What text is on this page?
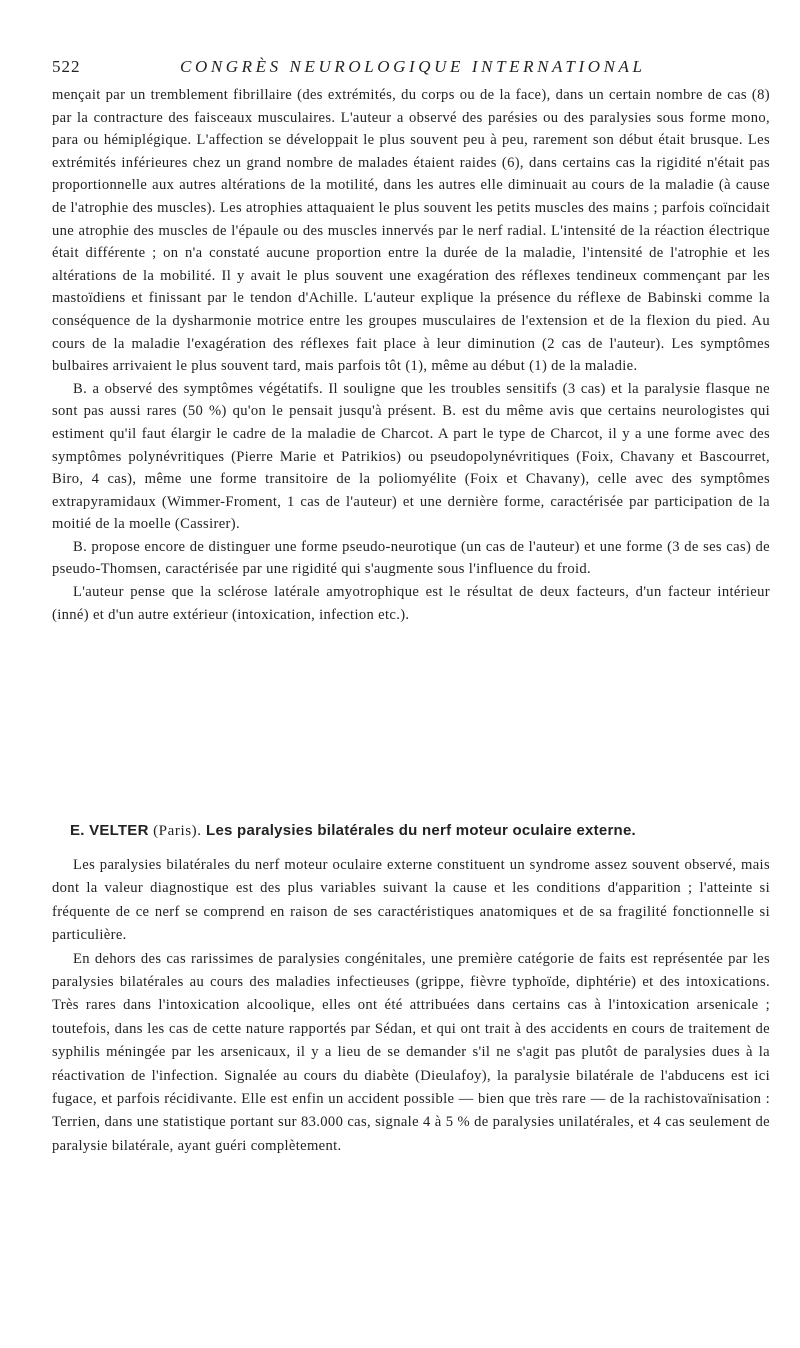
522	CONGRÈS NEUROLOGIQUE INTERNATIONAL

mençait par un tremblement fibrillaire (des extrémités, du corps ou de la face), dans un certain nombre de cas (8) par la contracture des faisceaux musculaires. L'auteur a observé des parésies ou des paralysies sous forme mono, para ou hémiplégique. L'affection se développait le plus souvent peu à peu, rarement son début était brusque. Les extrémités inférieures chez un grand nombre de malades étaient raides (6), dans certains cas la rigidité n'était pas proportionnelle aux autres altérations de la motilité, dans les autres elle diminuait au cours de la maladie (à cause de l'atrophie des muscles). Les atrophies attaquaient le plus souvent les petits muscles des mains ; parfois coïncidait une atrophie des muscles de l'épaule ou des muscles innervés par le nerf radial. L'intensité de la réaction électrique était différente ; on n'a constaté aucune proportion entre la durée de la maladie, l'intensité de l'atrophie et les altérations de la mobilité. Il y avait le plus souvent une exagération des réflexes tendineux commençant par les mastoïdiens et finissant par le tendon d'Achille. L'auteur explique la présence du réflexe de Babinski comme la conséquence de la dysharmonie motrice entre les groupes musculaires de l'extension et de la flexion du pied. Au cours de la maladie l'exagération des réflexes fait place à leur diminution (2 cas de l'auteur). Les symptômes bulbaires arrivaient le plus souvent tard, mais parfois tôt (1), même au début (1) de la maladie.

B. a observé des symptômes végétatifs. Il souligne que les troubles sensitifs (3 cas) et la paralysie flasque ne sont pas aussi rares (50 %) qu'on le pensait jusqu'à présent. B. est du même avis que certains neurologistes qui estiment qu'il faut élargir le cadre de la maladie de Charcot. A part le type de Charcot, il y a une forme avec des symptômes polynévritiques (Pierre Marie et Patrikios) ou pseudopolynévritiques (Foix, Chavany et Bascourret, Biro, 4 cas), même une forme transitoire de la poliomyélite (Foix et Chavany), celle avec des symptômes extrapyramidaux (Wimmer-Froment, 1 cas de l'auteur) et une dernière forme, caractérisée par participation de la moitié de la moelle (Cassirer).

B. propose encore de distinguer une forme pseudo-neurotique (un cas de l'auteur) et une forme (3 de ses cas) de pseudo-Thomsen, caractérisée par une rigidité qui s'augmente sous l'influence du froid.

L'auteur pense que la sclérose latérale amyotrophique est le résultat de deux facteurs, d'un facteur intérieur (inné) et d'un autre extérieur (intoxication, infection etc.).

E. VELTER (Paris). Les paralysies bilatérales du nerf moteur oculaire externe.

Les paralysies bilatérales du nerf moteur oculaire externe constituent un syndrome assez souvent observé, mais dont la valeur diagnostique est des plus variables suivant la cause et les conditions d'apparition ; l'atteinte si fréquente de ce nerf se comprend en raison de ses caractéristiques anatomiques et de sa fragilité fonctionnelle si particulière.

En dehors des cas rarissimes de paralysies congénitales, une première catégorie de faits est représentée par les paralysies bilatérales au cours des maladies infectieuses (grippe, fièvre typhoïde, diphtérie) et des intoxications. Très rares dans l'intoxication alcoolique, elles ont été attribuées dans certains cas à l'intoxication arsenicale ; toutefois, dans les cas de cette nature rapportés par Sédan, et qui ont trait à des accidents en cours de traitement de syphilis méningée par les arsenicaux, il y a lieu de se demander s'il ne s'agit pas plutôt de paralysies dues à la réactivation de l'infection. Signalée au cours du diabète (Dieulafoy), la paralysie bilatérale de l'abducens est ici fugace, et parfois récidivante. Elle est enfin un accident possible — bien que très rare — de la rachistovaïnisation : Terrien, dans une statistique portant sur 83.000 cas, signale 4 à 5 % de paralysies unilatérales, et 4 cas seulement de paralysie bilatérale, ayant guéri complètement.
